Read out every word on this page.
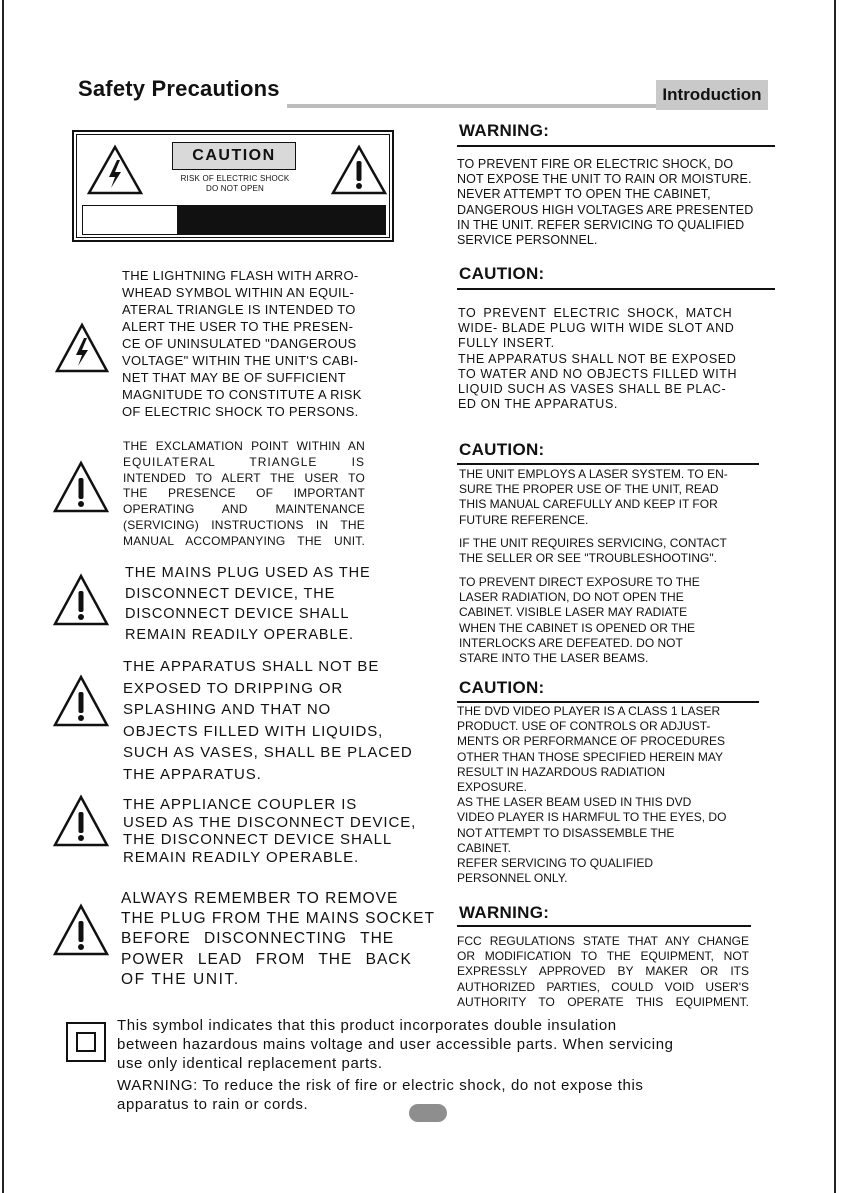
Safety Precautions	Introduction
CAUTION
RISK OF ELECTRIC SHOCK
DO NOT OPEN
THE LIGHTNING FLASH WITH ARRO-
WHEAD SYMBOL WITHIN AN EQUIL-
ATERAL TRIANGLE IS INTENDED TO
ALERT THE USER TO THE PRESEN-
CE OF UNINSULATED "DANGEROUS
VOLTAGE" WITHIN THE UNIT'S CABI-
NET THAT MAY BE OF SUFFICIENT
MAGNITUDE TO CONSTITUTE A RISK
OF ELECTRIC SHOCK TO PERSONS.
THE EXCLAMATION POINT WITHIN AN
EQUILATERAL TRIANGLE IS
INTENDED TO ALERT THE USER TO
THE PRESENCE OF IMPORTANT
OPERATING AND MAINTENANCE
(SERVICING) INSTRUCTIONS IN THE
MANUAL ACCOMPANYING THE UNIT.
THE MAINS PLUG USED AS THE
DISCONNECT DEVICE, THE
DISCONNECT DEVICE SHALL
REMAIN READILY OPERABLE.
THE APPARATUS SHALL NOT BE
EXPOSED TO DRIPPING OR
SPLASHING AND THAT NO
OBJECTS FILLED WITH LIQUIDS,
SUCH AS VASES, SHALL BE PLACED
THE APPARATUS.
THE APPLIANCE COUPLER IS
USED AS THE DISCONNECT DEVICE,
THE DISCONNECT DEVICE SHALL
REMAIN READILY OPERABLE.
ALWAYS REMEMBER TO REMOVE
THE PLUG FROM THE MAINS SOCKET
BEFORE DISCONNECTING THE
POWER LEAD FROM THE BACK
OF THE UNIT.
WARNING:
TO PREVENT FIRE OR ELECTRIC SHOCK, DO
NOT EXPOSE THE UNIT TO RAIN OR MOISTURE.
NEVER ATTEMPT TO OPEN THE CABINET,
DANGEROUS HIGH VOLTAGES ARE PRESENTED
IN THE UNIT. REFER SERVICING TO QUALIFIED
SERVICE PERSONNEL.
CAUTION:
TO PREVENT ELECTRIC SHOCK, MATCH
WIDE- BLADE PLUG WITH WIDE SLOT AND
FULLY INSERT.
THE APPARATUS SHALL NOT BE EXPOSED
TO WATER AND NO OBJECTS FILLED WITH
LIQUID SUCH AS VASES SHALL BE PLAC-
ED ON THE APPARATUS.
CAUTION:
THE UNIT EMPLOYS A LASER SYSTEM. TO EN-
SURE THE PROPER USE OF THE UNIT, READ
THIS MANUAL CAREFULLY AND KEEP IT FOR
FUTURE REFERENCE.
IF THE UNIT REQUIRES SERVICING, CONTACT
THE SELLER OR SEE "TROUBLESHOOTING".
TO PREVENT DIRECT EXPOSURE TO THE
LASER RADIATION, DO NOT OPEN THE
CABINET. VISIBLE LASER MAY RADIATE
WHEN THE CABINET IS OPENED OR THE
INTERLOCKS ARE DEFEATED. DO NOT
STARE INTO THE LASER BEAMS.
CAUTION:
THE DVD VIDEO PLAYER IS A CLASS 1 LASER
PRODUCT. USE OF CONTROLS OR ADJUST-
MENTS OR PERFORMANCE OF PROCEDURES
OTHER THAN THOSE SPECIFIED HEREIN MAY
RESULT IN HAZARDOUS RADIATION
EXPOSURE.
AS THE LASER BEAM USED IN THIS DVD
VIDEO PLAYER IS HARMFUL TO THE EYES, DO
NOT ATTEMPT TO DISASSEMBLE THE
CABINET.
REFER SERVICING TO QUALIFIED
PERSONNEL ONLY.
WARNING:
FCC REGULATIONS STATE THAT ANY CHANGE
OR MODIFICATION TO THE EQUIPMENT, NOT
EXPRESSLY APPROVED BY MAKER OR ITS
AUTHORIZED PARTIES, COULD VOID USER'S
AUTHORITY TO OPERATE THIS EQUIPMENT.
This symbol indicates that this product incorporates double insulation
between hazardous mains voltage and user accessible parts. When servicing
use only identical replacement parts.
WARNING: To reduce the risk of fire or electric shock, do not expose this
apparatus to rain or cords.
